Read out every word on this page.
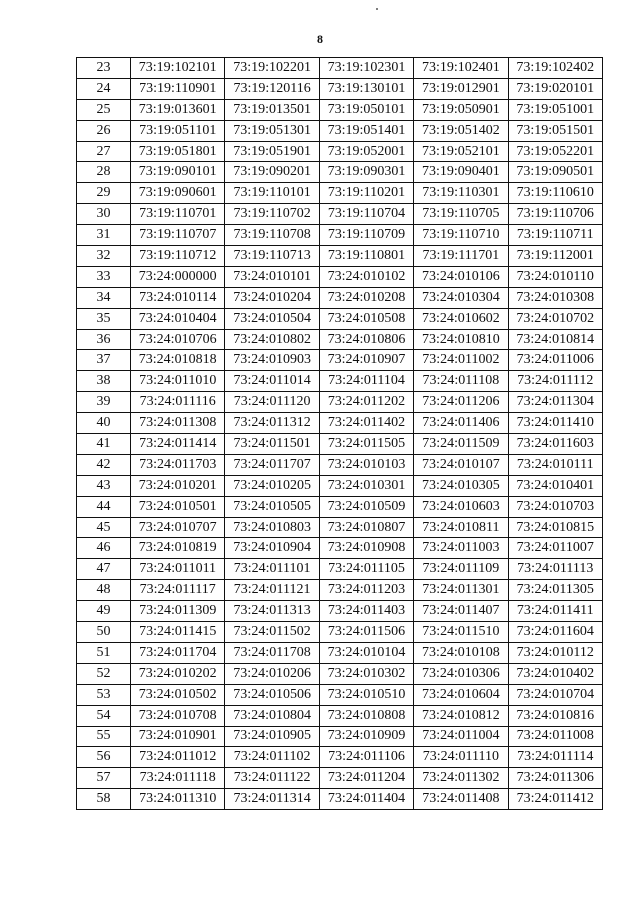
8
23	73:19:102101	73:19:102201	73:19:102301	73:19:102401	73:19:102402
24	73:19:110901	73:19:120116	73:19:130101	73:19:012901	73:19:020101
25	73:19:013601	73:19:013501	73:19:050101	73:19:050901	73:19:051001
26	73:19:051101	73:19:051301	73:19:051401	73:19:051402	73:19:051501
27	73:19:051801	73:19:051901	73:19:052001	73:19:052101	73:19:052201
28	73:19:090101	73:19:090201	73:19:090301	73:19:090401	73:19:090501
29	73:19:090601	73:19:110101	73:19:110201	73:19:110301	73:19:110610
30	73:19:110701	73:19:110702	73:19:110704	73:19:110705	73:19:110706
31	73:19:110707	73:19:110708	73:19:110709	73:19:110710	73:19:110711
32	73:19:110712	73:19:110713	73:19:110801	73:19:111701	73:19:112001
33	73:24:000000	73:24:010101	73:24:010102	73:24:010106	73:24:010110
34	73:24:010114	73:24:010204	73:24:010208	73:24:010304	73:24:010308
35	73:24:010404	73:24:010504	73:24:010508	73:24:010602	73:24:010702
36	73:24:010706	73:24:010802	73:24:010806	73:24:010810	73:24:010814
37	73:24:010818	73:24:010903	73:24:010907	73:24:011002	73:24:011006
38	73:24:011010	73:24:011014	73:24:011104	73:24:011108	73:24:011112
39	73:24:011116	73:24:011120	73:24:011202	73:24:011206	73:24:011304
40	73:24:011308	73:24:011312	73:24:011402	73:24:011406	73:24:011410
41	73:24:011414	73:24:011501	73:24:011505	73:24:011509	73:24:011603
42	73:24:011703	73:24:011707	73:24:010103	73:24:010107	73:24:010111
43	73:24:010201	73:24:010205	73:24:010301	73:24:010305	73:24:010401
44	73:24:010501	73:24:010505	73:24:010509	73:24:010603	73:24:010703
45	73:24:010707	73:24:010803	73:24:010807	73:24:010811	73:24:010815
46	73:24:010819	73:24:010904	73:24:010908	73:24:011003	73:24:011007
47	73:24:011011	73:24:011101	73:24:011105	73:24:011109	73:24:011113
48	73:24:011117	73:24:011121	73:24:011203	73:24:011301	73:24:011305
49	73:24:011309	73:24:011313	73:24:011403	73:24:011407	73:24:011411
50	73:24:011415	73:24:011502	73:24:011506	73:24:011510	73:24:011604
51	73:24:011704	73:24:011708	73:24:010104	73:24:010108	73:24:010112
52	73:24:010202	73:24:010206	73:24:010302	73:24:010306	73:24:010402
53	73:24:010502	73:24:010506	73:24:010510	73:24:010604	73:24:010704
54	73:24:010708	73:24:010804	73:24:010808	73:24:010812	73:24:010816
55	73:24:010901	73:24:010905	73:24:010909	73:24:011004	73:24:011008
56	73:24:011012	73:24:011102	73:24:011106	73:24:011110	73:24:011114
57	73:24:011118	73:24:011122	73:24:011204	73:24:011302	73:24:011306
58	73:24:011310	73:24:011314	73:24:011404	73:24:011408	73:24:011412
